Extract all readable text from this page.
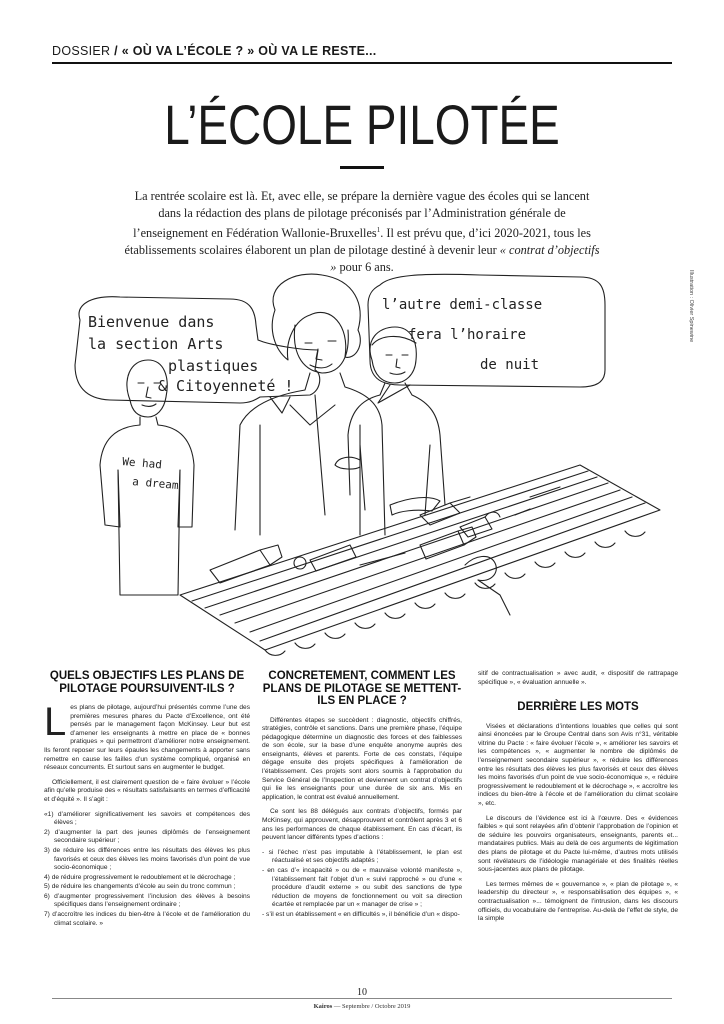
DOSSIER / « OÙ VA L’ÉCOLE ? » OÙ VA LE RESTE...
L’ÉCOLE PILOTÉE

La rentrée scolaire est là. Et, avec elle, se prépare la dernière vague des écoles qui se lancent dans la rédaction des plans de pilotage préconisés par l’Administration générale de l’enseignement en Fédération Wallonie-Bruxelles$^1$. Il est prévu que, d’ici 2020-2021, tous les établissements scolaires élaborent un plan de pilotage destiné à devenir leur « contrat d’objectifs » pour 6 ans.

Illustration : Olivier Spinewine
Bienvenue dans
la section Arts
plastiques
& Citoyenneté !
l’autre demi-classe
fera l’horaire
de nuit
We had
a dream
QUELS OBJECTIFS LES PLANS DE PILOTAGE POURSUIVENT-ILS ?

Les plans de pilotage, aujourd’hui présentés comme l’une des premières mesures phares du Pacte d’Excellence, ont été pensés par le management façon McKinsey. Leur but est d’amener les enseignants à mettre en place de « bonnes pratiques » qui permettront d’améliorer notre enseignement. Ils feront reposer sur leurs épaules les changements à apporter sans remettre en cause les failles d’un système compliqué, organisé en réseaux concurrents. Et surtout sans en augmenter le budget.

Officiellement, il est clairement question de « faire évoluer » l’école afin qu’elle produise des « résultats satisfaisants en termes d’efficacité et d’équité ». Il s’agit :

«1) d’améliorer significativement les savoirs et compétences des élèves ;
2) d’augmenter la part des jeunes diplômés de l’enseignement secondaire supérieur ;
3) de réduire les différences entre les résultats des élèves les plus favorisés et ceux des élèves les moins favorisés d’un point de vue socio-économique ;
4) de réduire progressivement le redoublement et le décrochage ;
5) de réduire les changements d’école au sein du tronc commun ;
6) d’augmenter progressivement l’inclusion des élèves à besoins spécifiques dans l’enseignement ordinaire ;
7) d’accroître les indices du bien-être à l’école et de l’amélioration du climat scolaire. »
CONCRETEMENT, COMMENT LES PLANS DE PILOTAGE SE METTENT-ILS EN PLACE ?

Différentes étapes se succèdent : diagnostic, objectifs chiffrés, stratégies, contrôle et sanctions. Dans une première phase, l’équipe pédagogique détermine un diagnostic des forces et des faiblesses de son école, sur la base d’une enquête anonyme auprès des enseignants, élèves et parents. Forte de ces constats, l’équipe dégage ensuite des projets spécifiques à l’amélioration de l’établissement. Ces projets sont alors soumis à l’approbation du Service Général de l’Inspection et deviennent un contrat d’objectifs qui lie les enseignants pour une durée de six ans. Mis en application, le contrat est évalué annuellement.

Ce sont les 88 délégués aux contrats d’objectifs, formés par McKinsey, qui approuvent, désapprouvent et contrôlent après 3 et 6 ans les performances de chaque établissement. En cas d’écart, ils peuvent lancer différents types d’actions :

- si l’échec n’est pas imputable à l’établissement, le plan est réactualisé et ses objectifs adaptés ;
- en cas d’« incapacité » ou de « mauvaise volonté manifeste », l’établissement fait l’objet d’un « suivi rapproché » ou d’une « procédure d’audit externe » ou subit des sanctions de type réduction de moyens de fonctionnement ou voit sa direction écartée et remplacée par un « manager de crise » ;
- s’il est un établissement « en difficultés », il bénéficie d’un « dispo-

sitif de contractualisation » avec audit, « dispositif de rattrapage spécifique », « évaluation annuelle ».

DERRIÈRE LES MOTS

Visées et déclarations d’intentions louables que celles qui sont ainsi énoncées par le Groupe Central dans son Avis n°31, véritable vitrine du Pacte : « faire évoluer l’école », « améliorer les savoirs et les compétences », « augmenter le nombre de diplômés de l’enseignement secondaire supérieur », « réduire les différences entre les résultats des élèves les plus favorisés et ceux des élèves les moins favorisés d’un point de vue socio-économique », « réduire progressivement le redoublement et le décrochage », « accroître les indices du bien-être à l’école et de l’amélioration du climat scolaire », etc.

Le discours de l’évidence est ici à l’œuvre. Des « évidences faibles » qui sont relayées afin d’obtenir l’approbation de l’opinion et de séduire les pouvoirs organisateurs, enseignants, parents et... mandataires publics. Mais au delà de ces arguments de légitimation des plans de pilotage et du Pacte lui-même, d’autres mots utilisés sont révélateurs de l’idéologie managériale et des finalités réelles sous-jacentes aux plans de pilotage.

Les termes mêmes de « gouvernance », « plan de pilotage », « leadership du directeur », « responsabilisation des équipes », « contractualisation »... témoignent de l’intrusion, dans les discours officiels, du vocabulaire de l’entreprise. Au-delà de l’effet de style, de la simple

10
Kairos — Septembre / Octobre 2019
